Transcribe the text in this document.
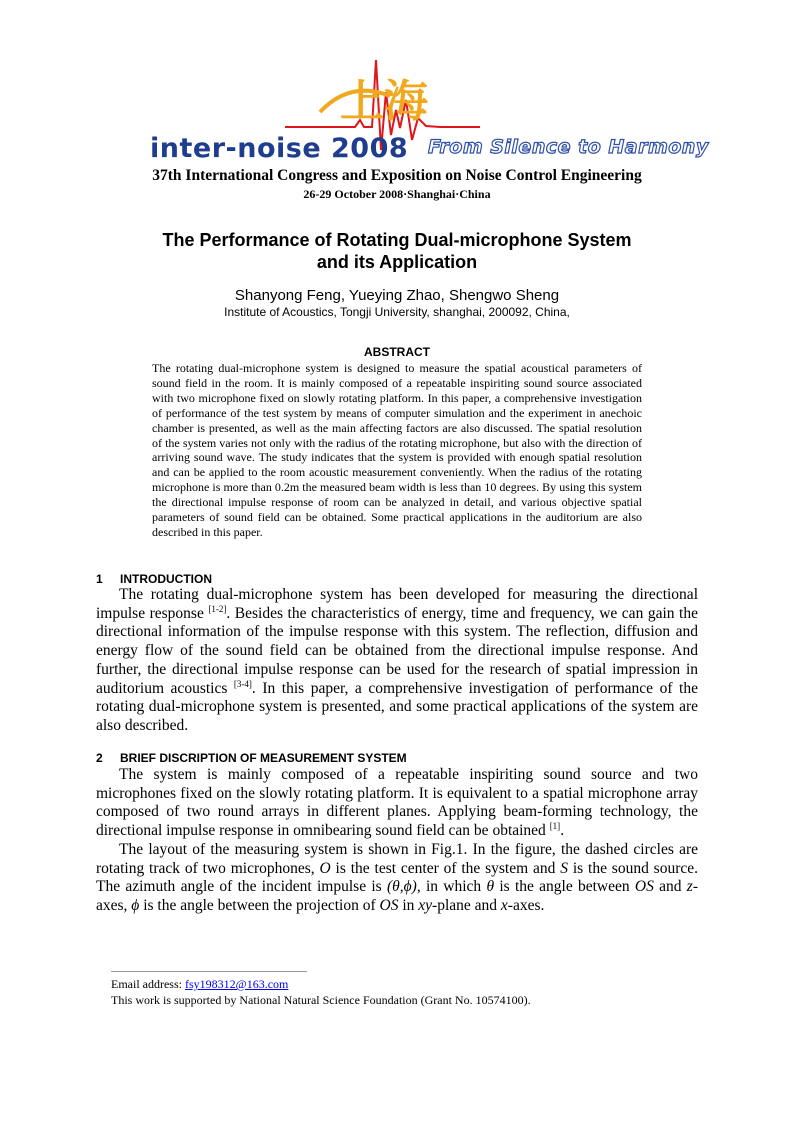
上海
inter-noise 2008 From Silence to Harmony
37th International Congress and Exposition on Noise Control Engineering
26-29 October 2008·Shanghai·China
The Performance of Rotating Dual-microphone System
and its Application
Shanyong Feng, Yueying Zhao, Shengwo Sheng
Institute of Acoustics, Tongji University, shanghai, 200092, China,
ABSTRACT
The rotating dual-microphone system is designed to measure the spatial acoustical parameters of sound field in the room. It is mainly composed of a repeatable inspiriting sound source associated with two microphone fixed on slowly rotating platform. In this paper, a comprehensive investigation of performance of the test system by means of computer simulation and the experiment in anechoic chamber is presented, as well as the main affecting factors are also discussed. The spatial resolution of the system varies not only with the radius of the rotating microphone, but also with the direction of arriving sound wave. The study indicates that the system is provided with enough spatial resolution and can be applied to the room acoustic measurement conveniently. When the radius of the rotating microphone is more than 0.2m the measured beam width is less than 10 degrees. By using this system the directional impulse response of room can be analyzed in detail, and various objective spatial parameters of sound field can be obtained. Some practical applications in the auditorium are also described in this paper.
1 INTRODUCTION

The rotating dual-microphone system has been developed for measuring the directional impulse response [1-2]. Besides the characteristics of energy, time and frequency, we can gain the directional information of the impulse response with this system. The reflection, diffusion and energy flow of the sound field can be obtained from the directional impulse response. And further, the directional impulse response can be used for the research of spatial impression in auditorium acoustics [3-4]. In this paper, a comprehensive investigation of performance of the rotating dual-microphone system is presented, and some practical applications of the system are also described.

2 BRIEF DISCRIPTION OF MEASUREMENT SYSTEM

The system is mainly composed of a repeatable inspiriting sound source and two microphones fixed on the slowly rotating platform. It is equivalent to a spatial microphone array composed of two round arrays in different planes. Applying beam-forming technology, the directional impulse response in omnibearing sound field can be obtained [1].

The layout of the measuring system is shown in Fig.1. In the figure, the dashed circles are rotating track of two microphones, O is the test center of the system and S is the sound source. The azimuth angle of the incident impulse is (θ,ϕ), in which θ is the angle between OS and z-axes, ϕ is the angle between the projection of OS in xy-plane and x-axes.

Email address: fsy198312@163.com
This work is supported by National Natural Science Foundation (Grant No. 10574100).
